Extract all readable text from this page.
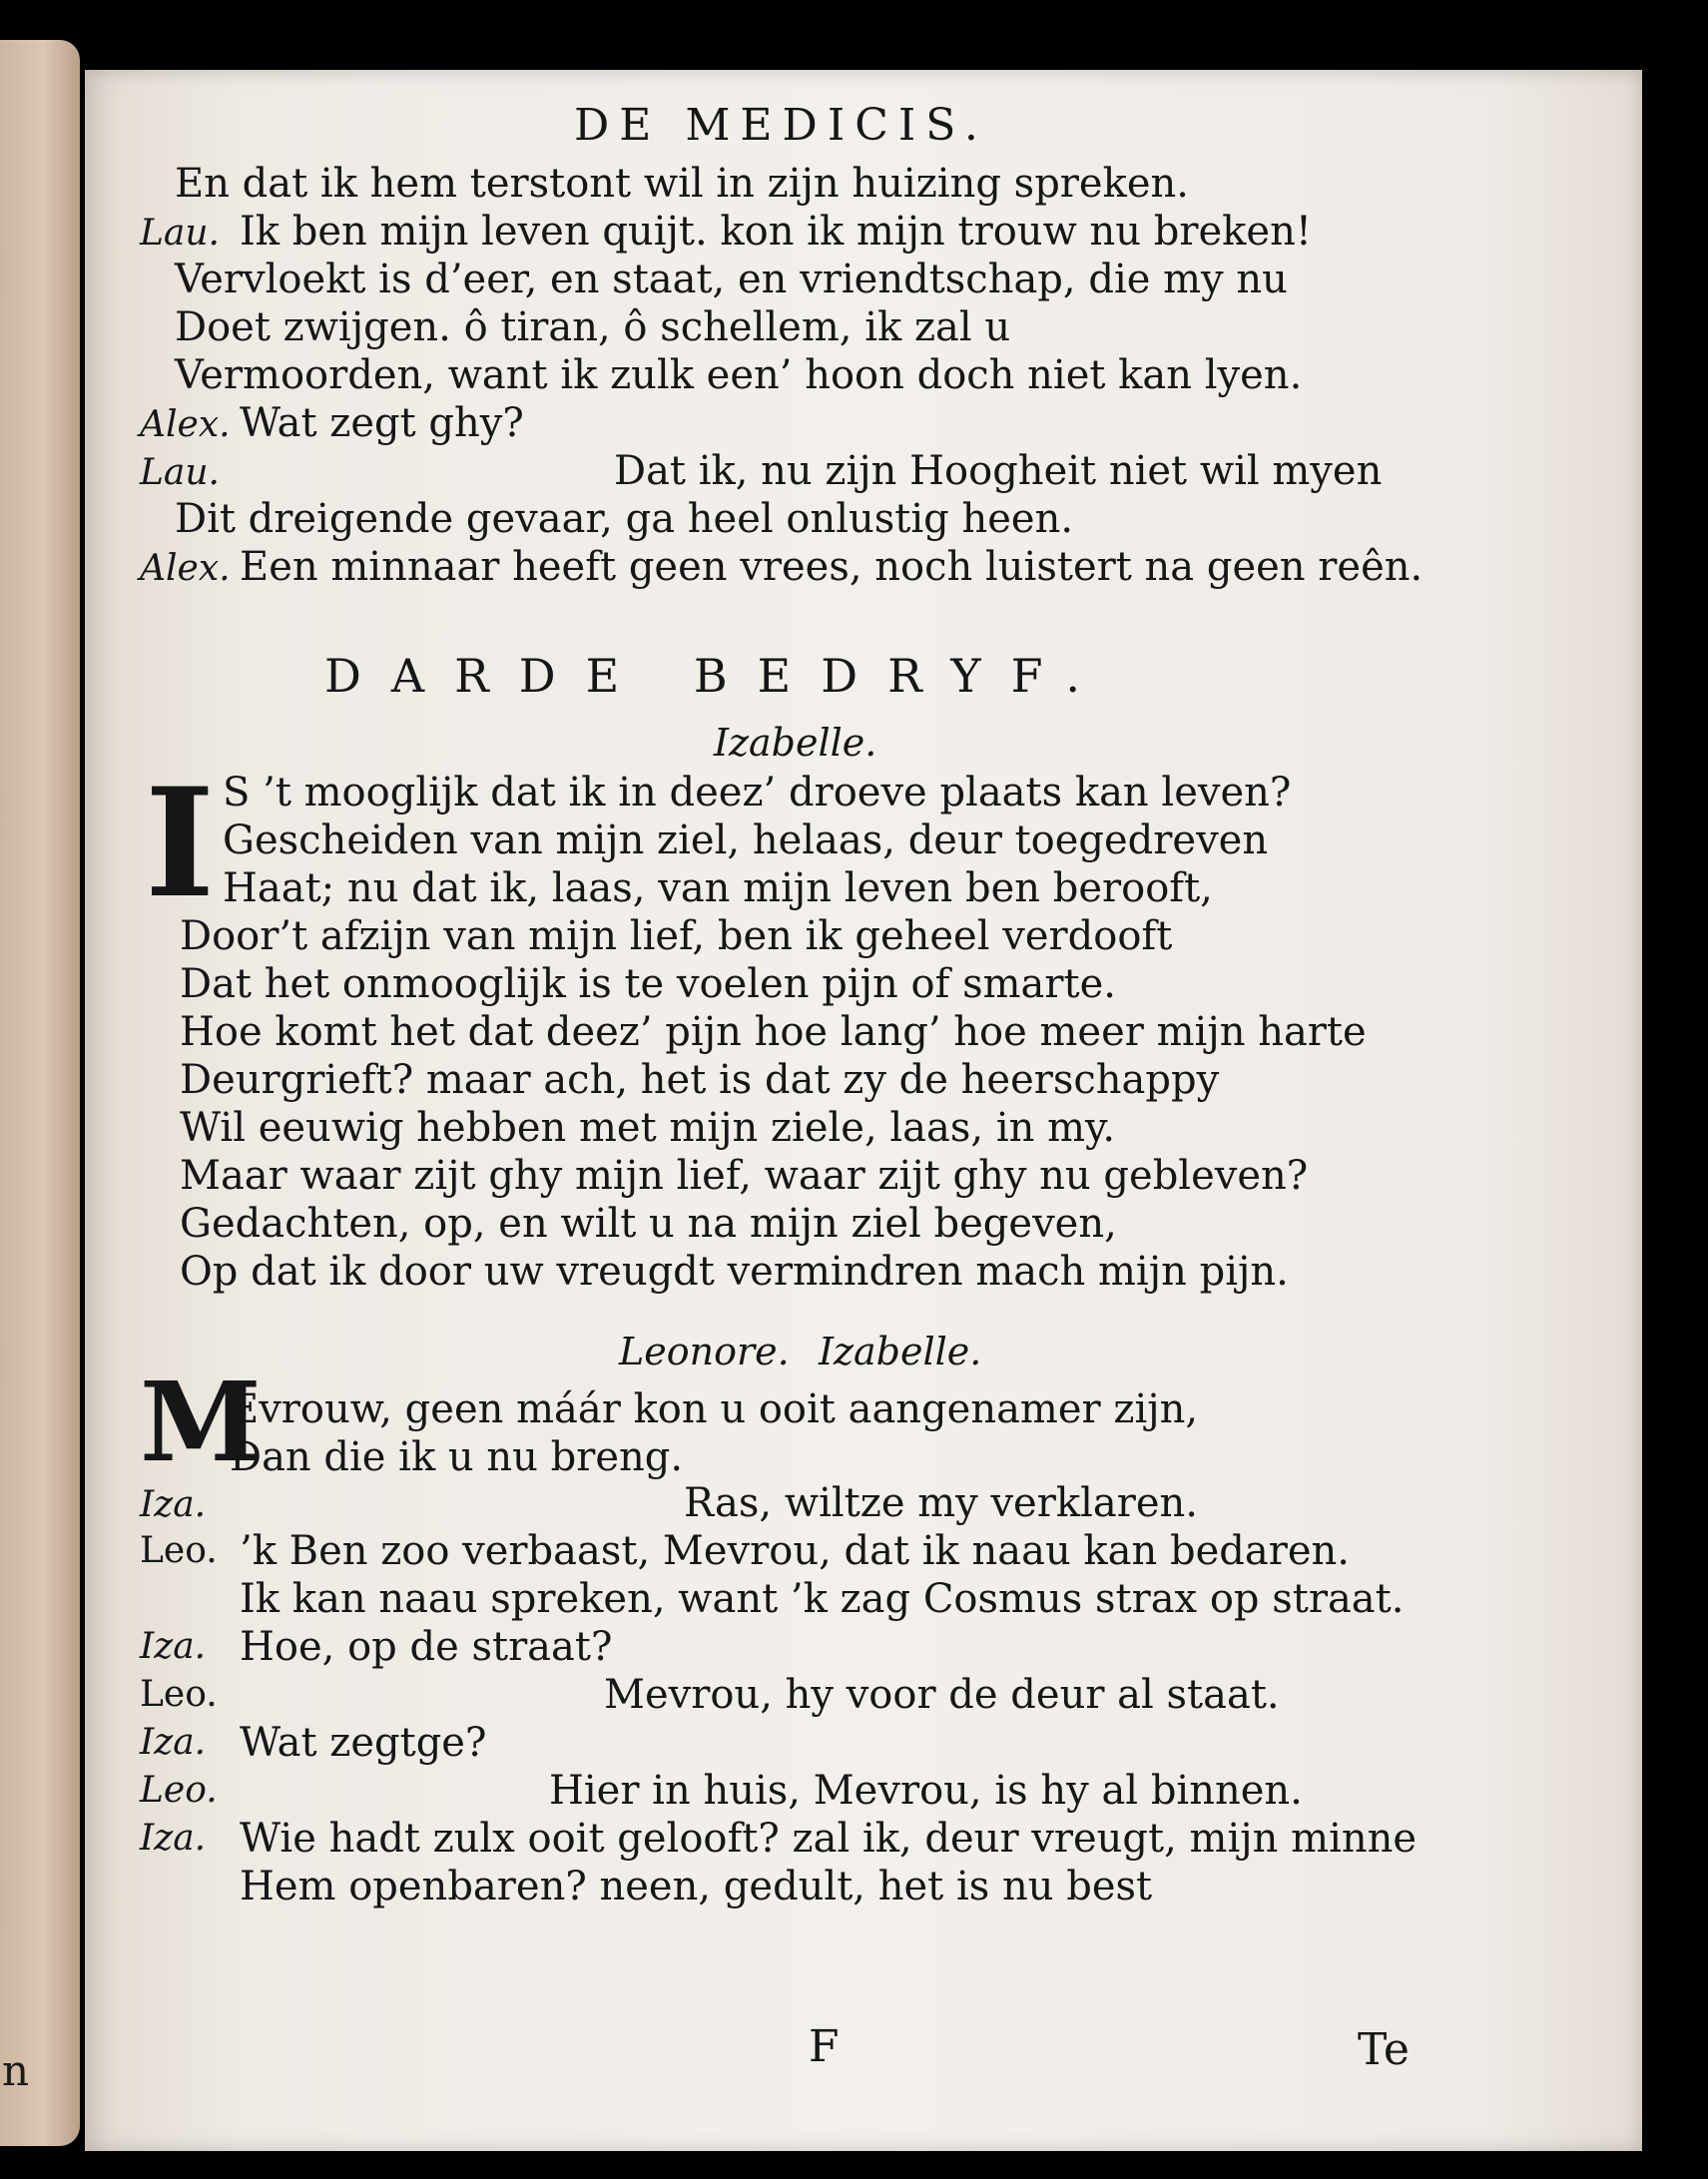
n
DE MEDICIS.
En dat ik hem terstont wil in zijn huizing spreken.
Lau. Ik ben mijn leven quijt. kon ik mijn trouw nu breken!
Vervloekt is d’eer, en staat, en vriendtschap, die my nu
Doet zwijgen. ô tiran, ô schellem, ik zal u
Vermoorden, want ik zulk een’ hoon doch niet kan lyen.
Alex. Wat zegt ghy?
Lau.	Dat ik, nu zijn Hoogheit niet wil myen
Dit dreigende gevaar, ga heel onlustig heen.
Alex. Een minnaar heeft geen vrees, noch luistert na geen reên.
DARDE BEDRYF.
Izabelle.
I S ’t mooglijk dat ik in deez’ droeve plaats kan leven?
Gescheiden van mijn ziel, helaas, deur toegedreven
Haat; nu dat ik, laas, van mijn leven ben berooft,
Door’t afzijn van mijn lief, ben ik geheel verdooft
Dat het onmooglijk is te voelen pijn of smarte.
Hoe komt het dat deez’ pijn hoe lang’ hoe meer mijn harte
Deurgrieft? maar ach, het is dat zy de heerschappy
Wil eeuwig hebben met mijn ziele, laas, in my.
Maar waar zijt ghy mijn lief, waar zijt ghy nu gebleven?
Gedachten, op, en wilt u na mijn ziel begeven,
Op dat ik door uw vreugdt vermindren mach mijn pijn.
Leonore. Izabelle.
M
Evrouw, geen máár kon u ooit aangenamer zijn,
Dan die ik u nu breng.
Iza.	Ras, wiltze my verklaren.
Leo. ’k Ben zoo verbaast, Mevrou, dat ik naau kan bedaren.
Ik kan naau spreken, want ’k zag Cosmus strax op straat.
Iza. Hoe, op de straat?
Leo.	Mevrou, hy voor de deur al staat.
Iza. Wat zegtge?
Leo.	Hier in huis, Mevrou, is hy al binnen.
Iza. Wie hadt zulx ooit gelooft? zal ik, deur vreugt, mijn minne
Hem openbaren? neen, gedult, het is nu best
F	Te
